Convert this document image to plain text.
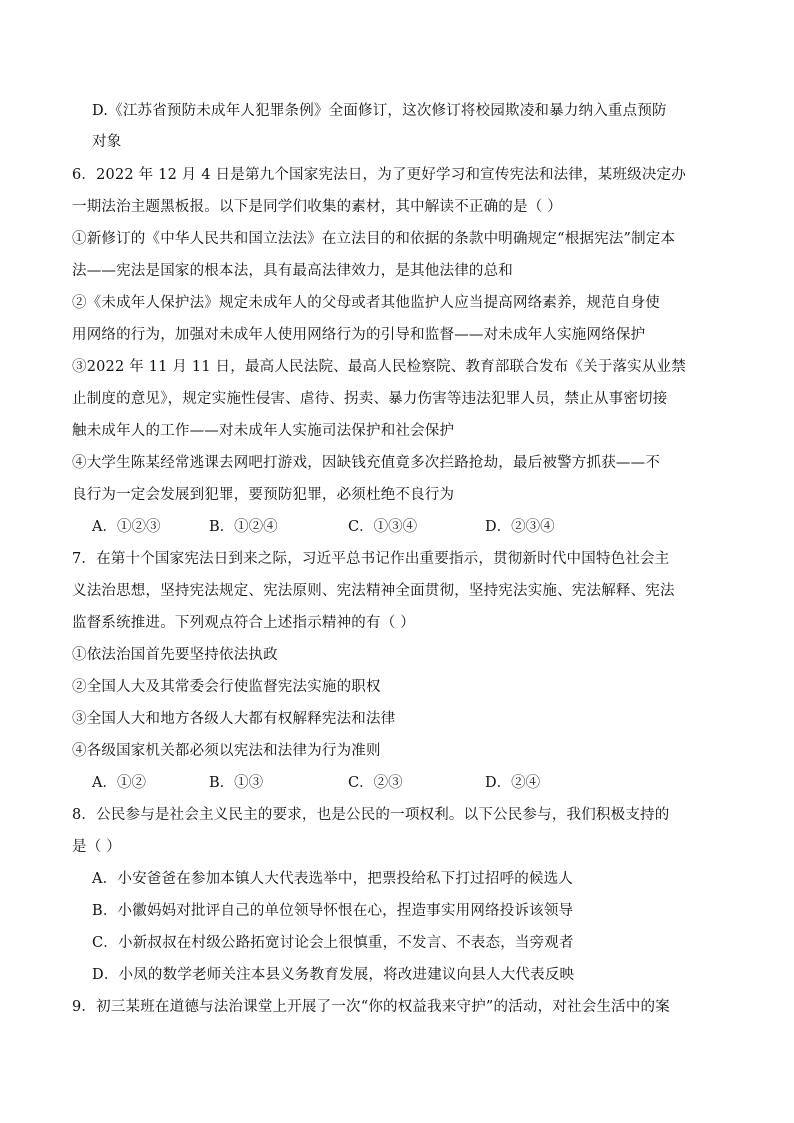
D.《江苏省预防未成年人犯罪条例》全面修订，这次修订将校园欺凌和暴力纳入重点预防
对象
6．2022 年 12 月 4 日是第九个国家宪法日，为了更好学习和宣传宪法和法律，某班级决定办
一期法治主题黑板报。以下是同学们收集的素材，其中解读不正确的是（ ）
①新修订的《中华人民共和国立法法》在立法目的和依据的条款中明确规定“根据宪法”制定本
法——宪法是国家的根本法，具有最高法律效力，是其他法律的总和
②《未成年人保护法》规定未成年人的父母或者其他监护人应当提高网络素养，规范自身使
用网络的行为，加强对未成年人使用网络行为的引导和监督——对未成年人实施网络保护
③2022 年 11 月 11 日，最高人民法院、最高人民检察院、教育部联合发布《关于落实从业禁
止制度的意见》，规定实施性侵害、虐待、拐卖、暴力伤害等违法犯罪人员，禁止从事密切接
触未成年人的工作——对未成年人实施司法保护和社会保护
④大学生陈某经常逃课去网吧打游戏，因缺钱充值竟多次拦路抢劫，最后被警方抓获——不
良行为一定会发展到犯罪，要预防犯罪，必须杜绝不良行为
A．①②③	B．①②④	C．①③④	D．②③④
7．在第十个国家宪法日到来之际，习近平总书记作出重要指示，贯彻新时代中国特色社会主
义法治思想，坚持宪法规定、宪法原则、宪法精神全面贯彻，坚持宪法实施、宪法解释、宪法
监督系统推进。下列观点符合上述指示精神的有（ ）
①依法治国首先要坚持依法执政
②全国人大及其常委会行使监督宪法实施的职权
③全国人大和地方各级人大都有权解释宪法和法律
④各级国家机关都必须以宪法和法律为行为准则
A．①②	B．①③	C．②③	D．②④
8．公民参与是社会主义民主的要求，也是公民的一项权利。以下公民参与，我们积极支持的
是（ ）
A．小安爸爸在参加本镇人大代表选举中，把票投给私下打过招呼的候选人
B．小徽妈妈对批评自己的单位领导怀恨在心，捏造事实用网络投诉该领导
C．小新叔叔在村级公路拓宽讨论会上很慎重，不发言、不表态，当旁观者
D．小凤的数学老师关注本县义务教育发展，将改进建议向县人大代表反映
9．初三某班在道德与法治课堂上开展了一次“你的权益我来守护”的活动，对社会生活中的案
